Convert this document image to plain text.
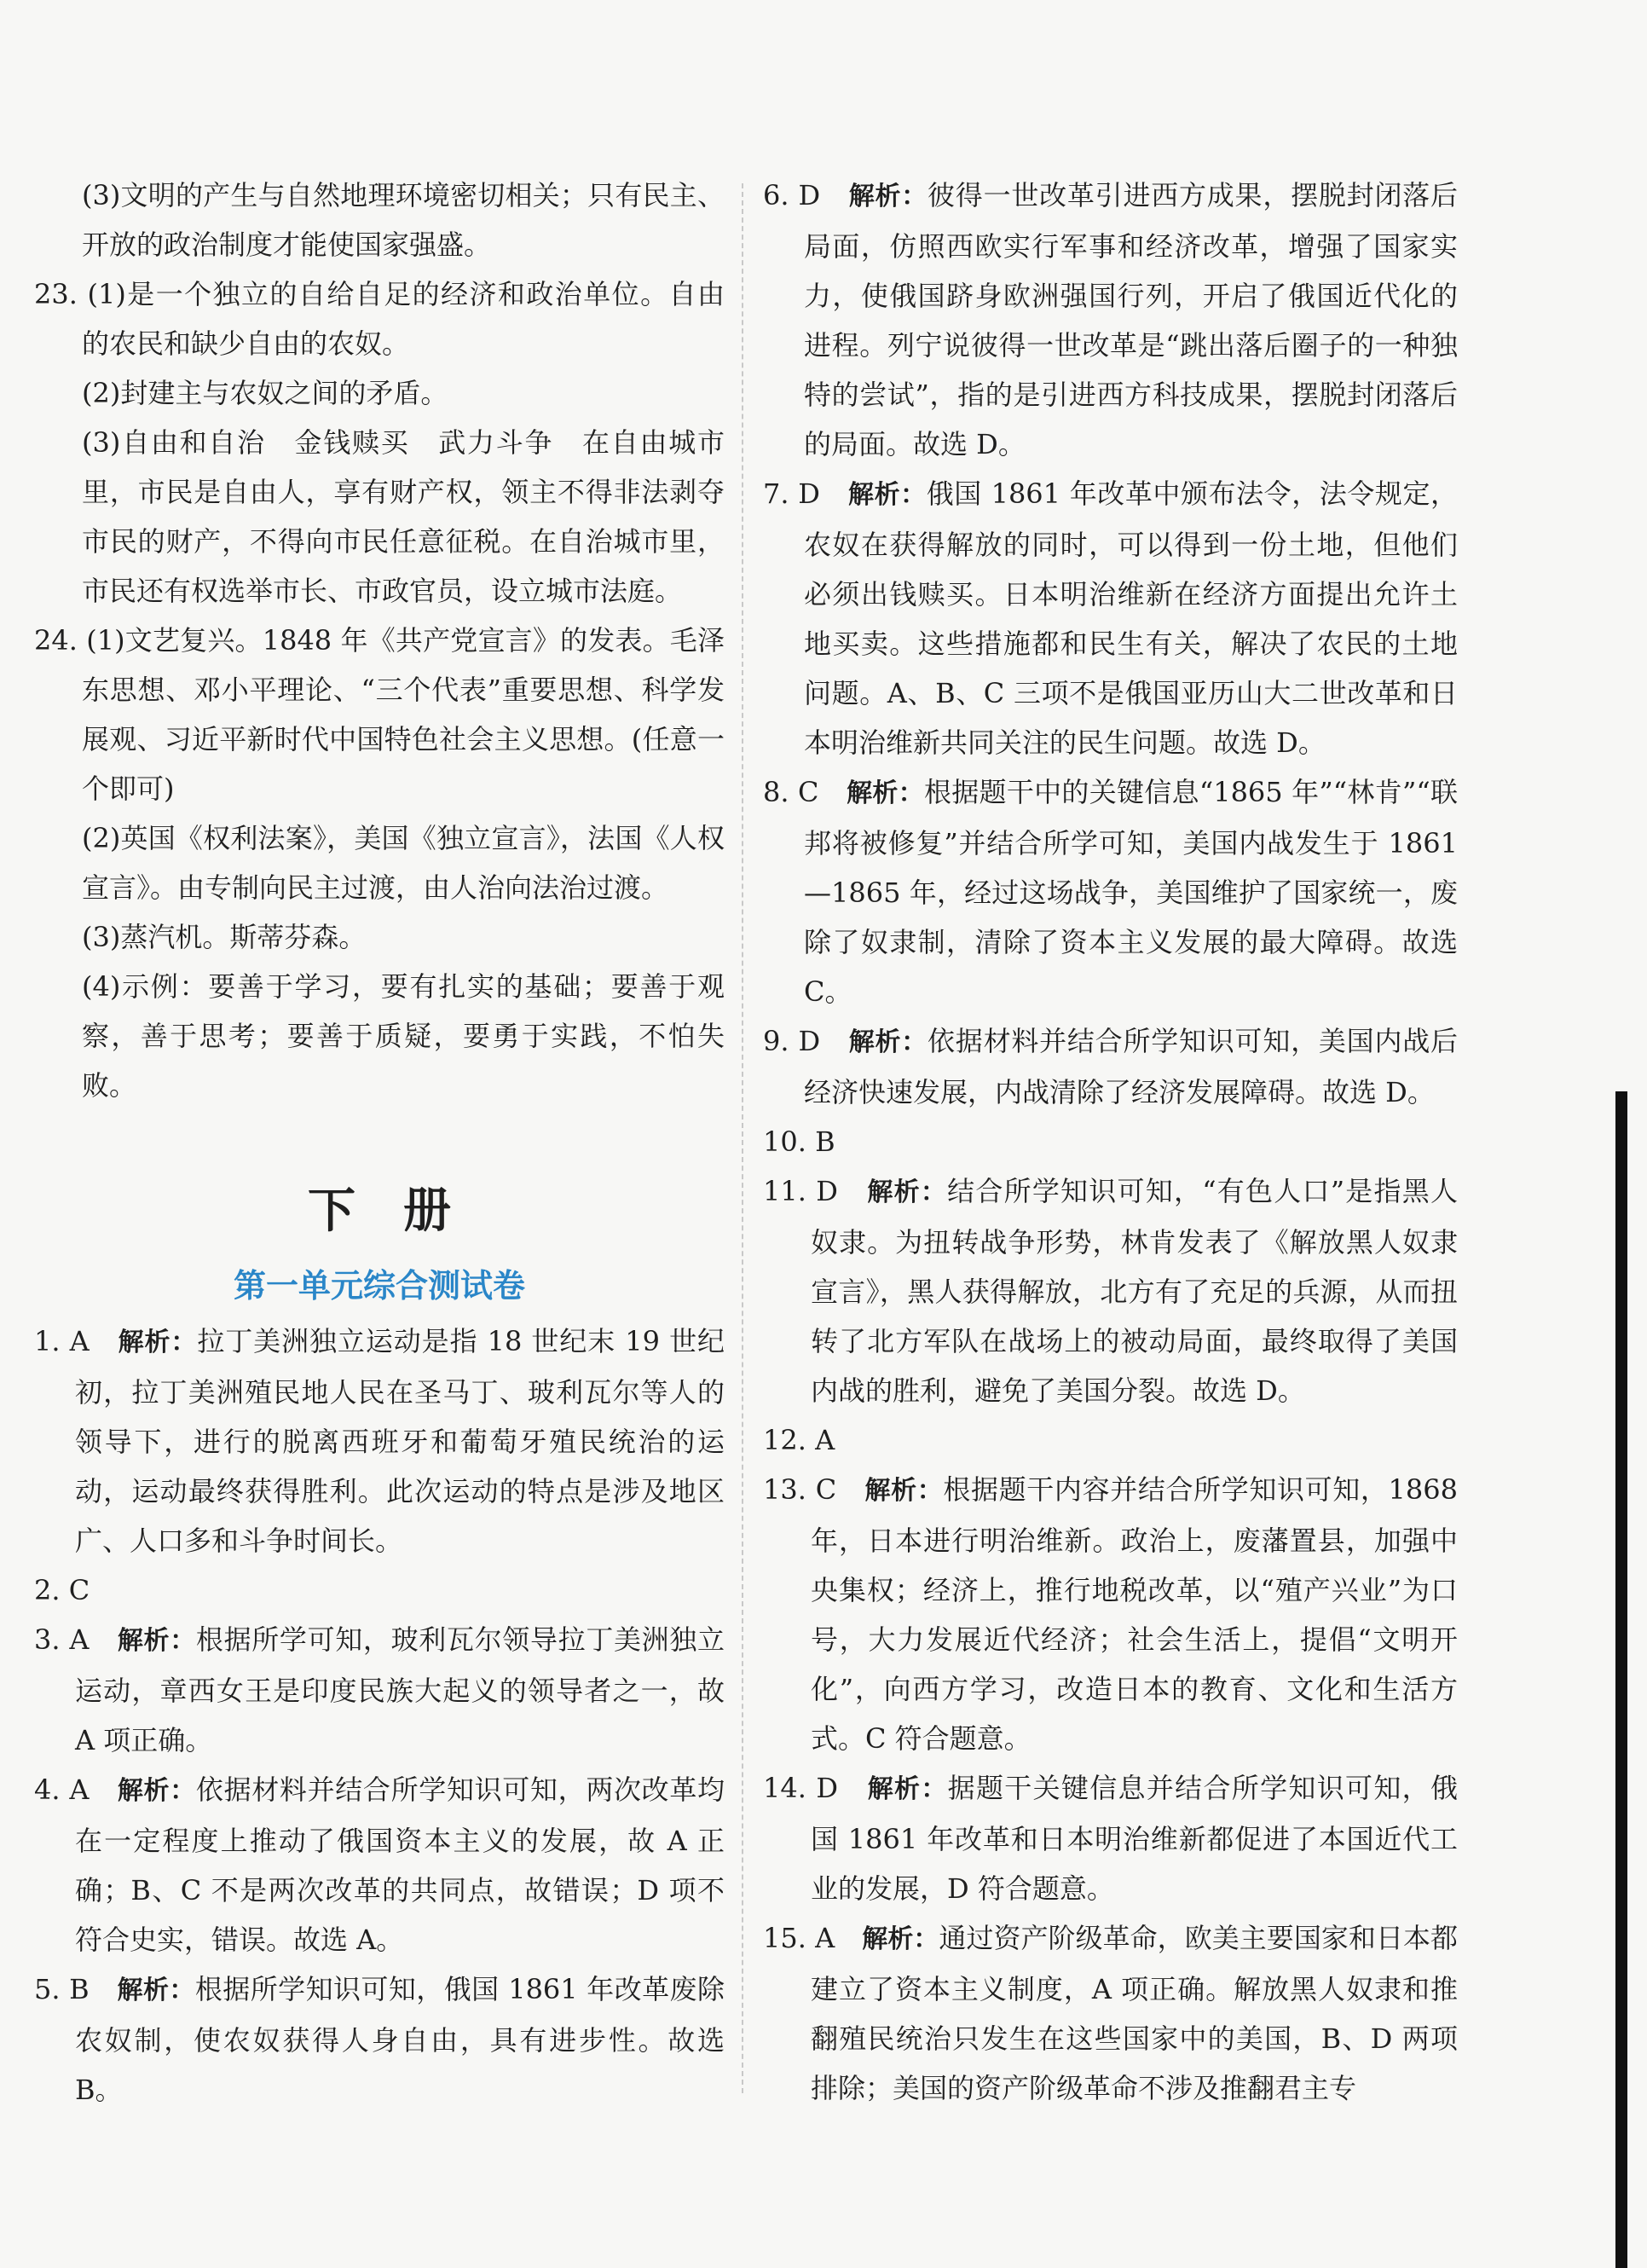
(3)文明的产生与自然地理环境密切相关；只有民主、开放的政治制度才能使国家强盛。

23. (1)是一个独立的自给自足的经济和政治单位。自由的农民和缺少自由的农奴。

(2)封建主与农奴之间的矛盾。

(3)自由和自治　金钱赎买　武力斗争　在自由城市里，市民是自由人，享有财产权，领主不得非法剥夺市民的财产，不得向市民任意征税。在自治城市里，市民还有权选举市长、市政官员，设立城市法庭。

24. (1)文艺复兴。1848 年《共产党宣言》的发表。毛泽东思想、邓小平理论、“三个代表”重要思想、科学发展观、习近平新时代中国特色社会主义思想。(任意一个即可)

(2)英国《权利法案》，美国《独立宣言》，法国《人权宣言》。由专制向民主过渡，由人治向法治过渡。

(3)蒸汽机。斯蒂芬森。

(4)示例：要善于学习，要有扎实的基础；要善于观察，善于思考；要善于质疑，要勇于实践，不怕失败。

下册
第一单元综合测试卷

1. A　 解析：拉丁美洲独立运动是指 18 世纪末 19 世纪初，拉丁美洲殖民地人民在圣马丁、玻利瓦尔等人的领导下，进行的脱离西班牙和葡萄牙殖民统治的运动，运动最终获得胜利。此次运动的特点是涉及地区广、人口多和斗争时间长。

2. C

3. A　 解析：根据所学可知，玻利瓦尔领导拉丁美洲独立运动，章西女王是印度民族大起义的领导者之一，故 A 项正确。

4. A　 解析：依据材料并结合所学知识可知，两次改革均在一定程度上推动了俄国资本主义的发展，故 A 正确；B、C 不是两次改革的共同点，故错误；D 项不符合史实，错误。故选 A。

5. B　 解析：根据所学知识可知，俄国 1861 年改革废除农奴制，使农奴获得人身自由，具有进步性。故选 B。

6. D　 解析：彼得一世改革引进西方成果，摆脱封闭落后局面，仿照西欧实行军事和经济改革，增强了国家实力，使俄国跻身欧洲强国行列，开启了俄国近代化的进程。列宁说彼得一世改革是“跳出落后圈子的一种独特的尝试”，指的是引进西方科技成果，摆脱封闭落后的局面。故选 D。

7. D　 解析：俄国 1861 年改革中颁布法令，法令规定，农奴在获得解放的同时，可以得到一份土地，但他们必须出钱赎买。日本明治维新在经济方面提出允许土地买卖。这些措施都和民生有关，解决了农民的土地问题。A、B、C 三项不是俄国亚历山大二世改革和日本明治维新共同关注的民生问题。故选 D。

8. C　 解析：根据题干中的关键信息“1865 年”“林肯”“联邦将被修复”并结合所学可知，美国内战发生于 1861—1865 年，经过这场战争，美国维护了国家统一，废除了奴隶制，清除了资本主义发展的最大障碍。故选 C。

9. D　 解析：依据材料并结合所学知识可知，美国内战后经济快速发展，内战清除了经济发展障碍。故选 D。

10. B

11. D　 解析：结合所学知识可知，“有色人口”是指黑人奴隶。为扭转战争形势，林肯发表了《解放黑人奴隶宣言》，黑人获得解放，北方有了充足的兵源，从而扭转了北方军队在战场上的被动局面，最终取得了美国内战的胜利，避免了美国分裂。故选 D。

12. A

13. C　 解析：根据题干内容并结合所学知识可知，1868 年，日本进行明治维新。政治上，废藩置县，加强中央集权；经济上，推行地税改革，以“殖产兴业”为口号，大力发展近代经济；社会生活上，提倡“文明开化”，向西方学习，改造日本的教育、文化和生活方式。C 符合题意。

14. D　 解析：据题干关键信息并结合所学知识可知，俄国 1861 年改革和日本明治维新都促进了本国近代工业的发展，D 符合题意。

15. A　 解析：通过资产阶级革命，欧美主要国家和日本都建立了资本主义制度，A 项正确。解放黑人奴隶和推翻殖民统治只发生在这些国家中的美国，B、D 两项排除；美国的资产阶级革命不涉及推翻君主专
